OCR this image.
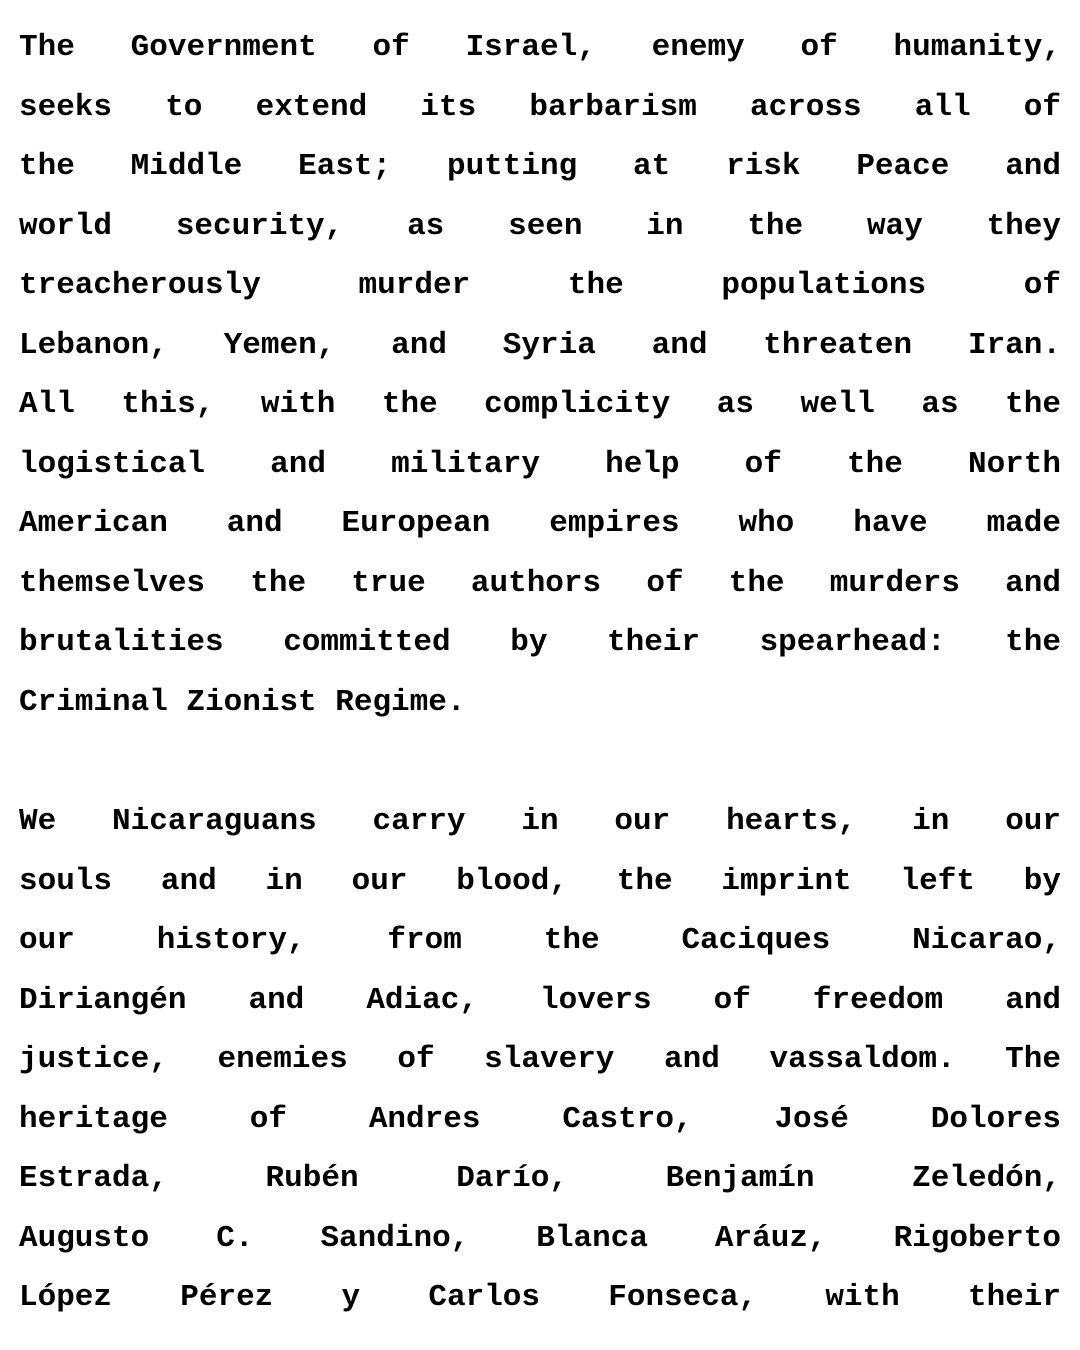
The Government of Israel, enemy of humanity,
seeks to extend its barbarism across all of
the Middle East; putting at risk Peace and
world security, as seen in the way they
treacherously murder the populations of
Lebanon, Yemen, and Syria and threaten Iran.
All this, with the complicity as well as the
logistical and military help of the North
American and European empires who have made
themselves the true authors of the murders and
brutalities committed by their spearhead: the
Criminal Zionist Regime.
We Nicaraguans carry in our hearts, in our
souls and in our blood, the imprint left by
our history, from the Caciques Nicarao,
Diriangén and Adiac, lovers of freedom and
justice, enemies of slavery and vassaldom. The
heritage of Andres Castro, José Dolores
Estrada, Rubén Darío, Benjamín Zeledón,
Augusto C. Sandino, Blanca Aráuz, Rigoberto
López Pérez y Carlos Fonseca, with their
